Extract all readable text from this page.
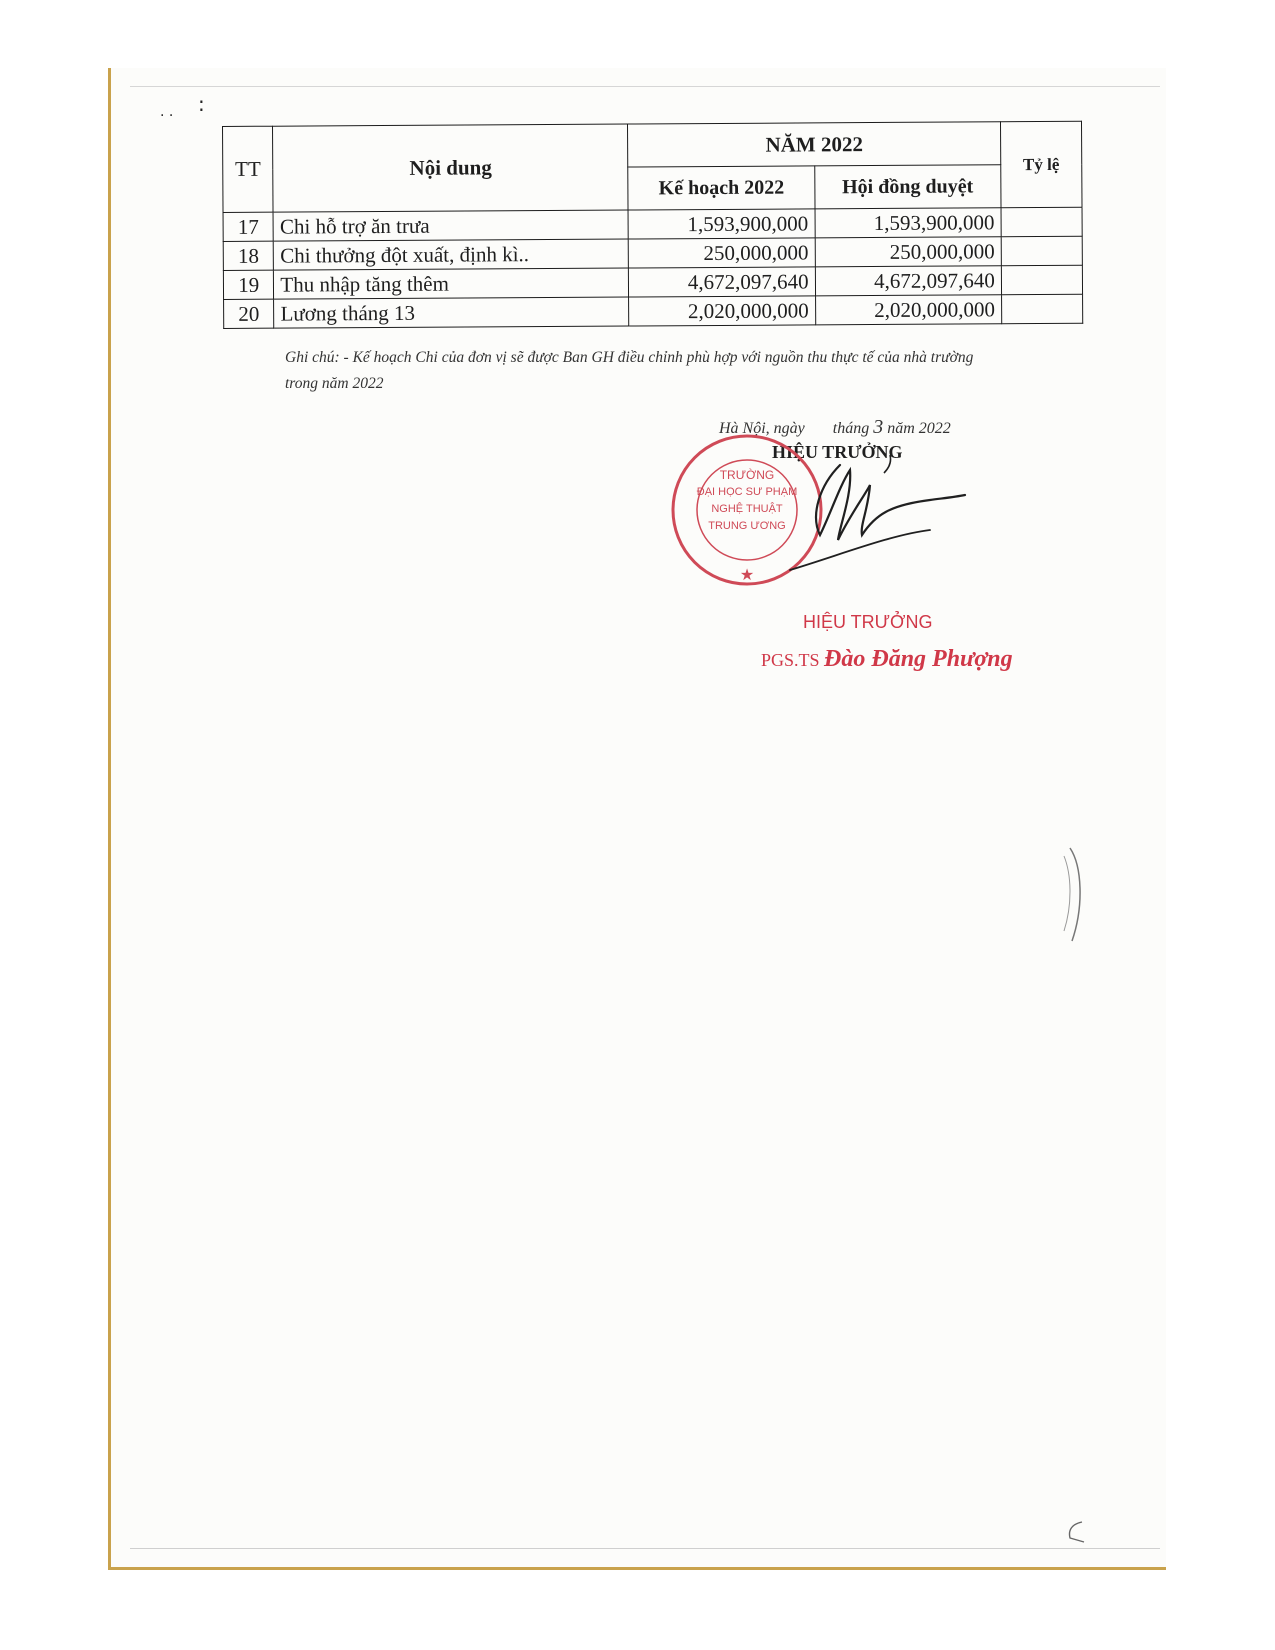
:
· ·
TT	Nội dung	NĂM 2022		Tỷ lệ
		Kế hoạch 2022	Hội đồng duyệt	
17	Chi hỗ trợ ăn trưa	1,593,900,000	1,593,900,000	
18	Chi thưởng đột xuất, định kì..	250,000,000	250,000,000	
19	Thu nhập tăng thêm	4,672,097,640	4,672,097,640	
20	Lương tháng 13	2,020,000,000	2,020,000,000	
Ghi chú: - Kế hoạch Chi của đơn vị sẽ được Ban GH điều chỉnh phù hợp với nguồn thu thực tế của nhà trường
trong năm 2022
Hà Nội, ngày tháng 3 năm 2022
HIỆU TRƯỞNG
★
TRƯỜNG
ĐẠI HỌC SƯ PHẠM
NGHỆ THUẬT
TRUNG ƯƠNG
HIỆU TRƯỞNG
PGS.TS Đào Đăng Phượng
